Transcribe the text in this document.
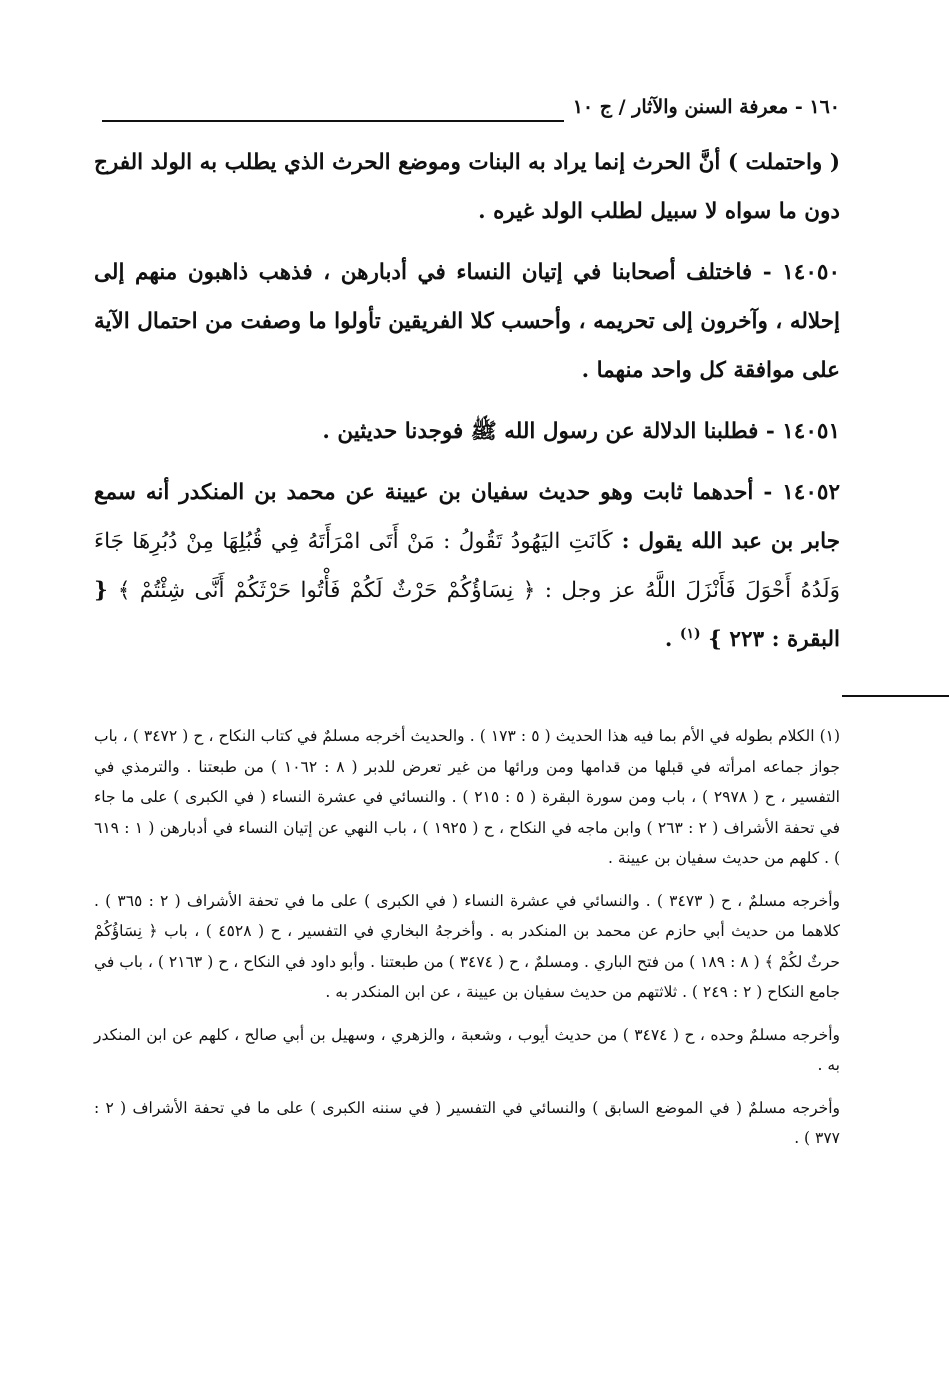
١٦٠ - معرفة السنن والآثار / ج ١٠

( واحتملت ) أنَّ الحرث إنما يراد به البنات وموضع الحرث الذي يطلب به الولد الفرج دون ما سواه لا سبيل لطلب الولد غيره .

١٤٠٥٠ - فاختلف أصحابنا في إتيان النساء في أدبارهن ، فذهب ذاهبون منهم إلى إحلاله ، وآخرون إلى تحريمه ، وأحسب كلا الفريقين تأولوا ما وصفت من احتمال الآية على موافقة كل واحد منهما .

١٤٠٥١ - فطلبنا الدلالة عن رسول الله ﷺ فوجدنا حديثين .

١٤٠٥٢ - أحدهما ثابت وهو حديث سفيان بن عيينة عن محمد بن المنكدر أنه سمع جابر بن عبد الله يقول : كَانَتِ اليَهُودُ تَقُولُ : مَنْ أَتَى امْرَأَتَهُ فِي قُبُلِهَا مِنْ دُبُرِهَا جَاءَ وَلَدُهُ أَحْوَلَ فَأَنْزَلَ اللَّهُ عز وجل : ﴿ نِسَاؤُكُمْ حَرْثٌ لَكُمْ فَأْتُوا حَرْثَكُمْ أَنَّى شِئْتُمْ ﴾ { البقرة : ٢٢٣ } $^{(١)}$ .

(١) الكلام بطوله في الأم بما فيه هذا الحديث ( ٥ : ١٧٣ ) . والحديث أخرجه مسلمٌ في كتاب النكاح ، ح ( ٣٤٧٢ ) ، باب جواز جماعه امرأته في قبلها من قدامها ومن ورائها من غير تعرض للدبر ( ٨ : ١٠٦٢ ) من طبعتنا . والترمذي في التفسير ، ح ( ٢٩٧٨ ) ، باب ومن سورة البقرة ( ٥ : ٢١٥ ) . والنسائي في عشرة النساء ( في الكبرى ) على ما جاء في تحفة الأشراف ( ٢ : ٢٦٣ ) وابن ماجه في النكاح ، ح ( ١٩٢٥ ) ، باب النهي عن إتيان النساء في أدبارهن ( ١ : ٦١٩ ) . كلهم من حديث سفيان بن عيينة .

وأخرجه مسلمٌ ، ح ( ٣٤٧٣ ) . والنسائي في عشرة النساء ( في الكبرى ) على ما في تحفة الأشراف ( ٢ : ٣٦٥ ) . كلاهما من حديث أبي حازم عن محمد بن المنكدر به . وأخرجهُ البخاري في التفسير ، ح ( ٤٥٢٨ ) ، باب ﴿ نِسَاؤُكُمْ حرثٌ لكُمْ ﴾ ( ٨ : ١٨٩ ) من فتح الباري . ومسلمٌ ، ح ( ٣٤٧٤ ) من طبعتنا . وأبو داود في النكاح ، ح ( ٢١٦٣ ) ، باب في جامع النكاح ( ٢ : ٢٤٩ ) . ثلاثتهم من حديث سفيان بن عيينة ، عن ابن المنكدر به .

وأخرجه مسلمٌ وحده ، ح ( ٣٤٧٤ ) من حديث أيوب ، وشعبة ، والزهري ، وسهيل بن أبي صالح ، كلهم عن ابن المنكدر به .

وأخرجه مسلمٌ ( في الموضع السابق ) والنسائي في التفسير ( في سننه الكبرى ) على ما في تحفة الأشراف ( ٢ : ٣٧٧ ) .
